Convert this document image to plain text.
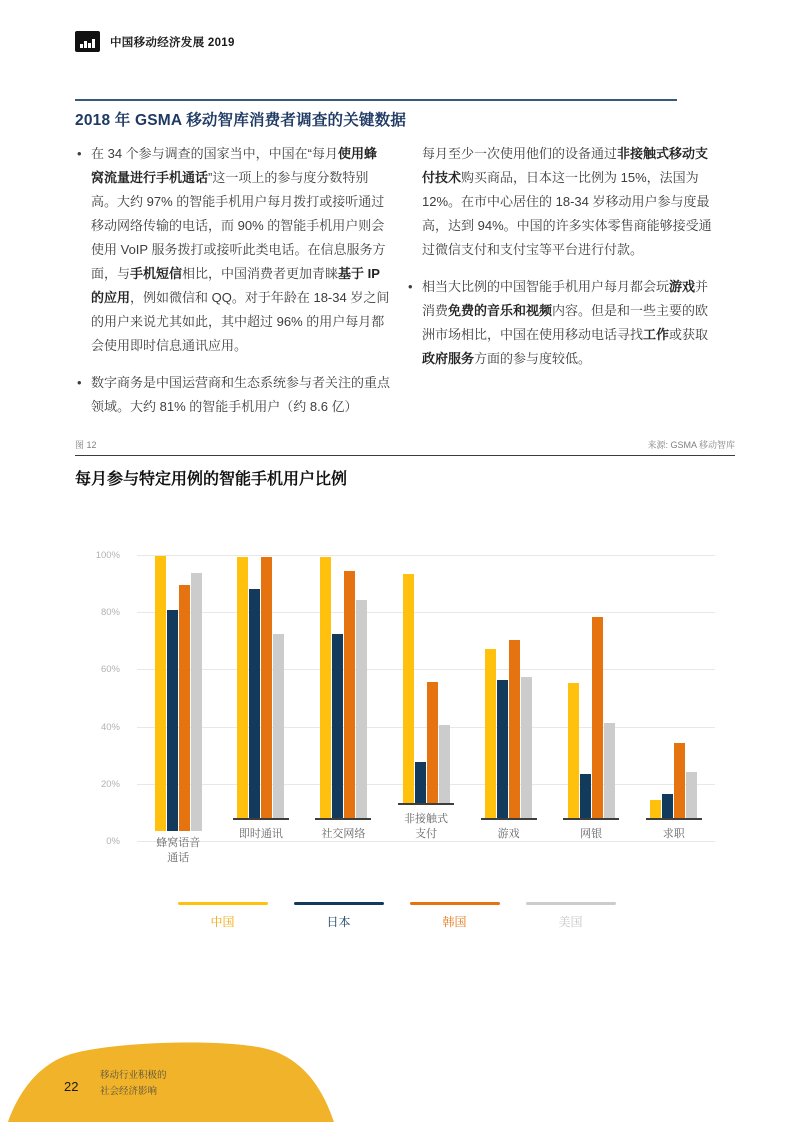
中国移动经济发展 2019
2018 年 GSMA 移动智库消费者调查的关键数据

• 在 34 个参与调查的国家当中，中国在“每月使用蜂窝流量进行手机通话”这一项上的参与度分数特别高。大约 97% 的智能手机用户每月拨打或接听通过移动网络传输的电话，而 90% 的智能手机用户则会使用 VoIP 服务拨打或接听此类电话。在信息服务方面，与手机短信相比，中国消费者更加青睐基于 IP 的应用，例如微信和 QQ。对于年龄在 18-34 岁之间的用户来说尤其如此，其中超过 96% 的用户每月都会使用即时信息通讯应用。

• 数字商务是中国运营商和生态系统参与者关注的重点领域。大约 81% 的智能手机用户（约 8.6 亿）

每月至少一次使用他们的设备通过非接触式移动支付技术购买商品，日本这一比例为 15%，法国为 12%。在市中心居住的 18-34 岁移动用户参与度最高，达到 94%。中国的许多实体零售商能够接受通过微信支付和支付宝等平台进行付款。

• 相当大比例的中国智能手机用户每月都会玩游戏并消费免费的音乐和视频内容。但是和一些主要的欧洲市场相比，中国在使用移动电话寻找工作或获取政府服务方面的参与度较低。

图 12	来源: GSMA 移动智库
每月参与特定用例的智能手机用户比例
0%
20%
40%
60%
80%
100%
蜂窝语音
通话
即时通讯	社交网络
非接触式
支付	游戏	网银	求职
中国	日本	韩国	美国
22
移动行业积极的
社会经济影响
